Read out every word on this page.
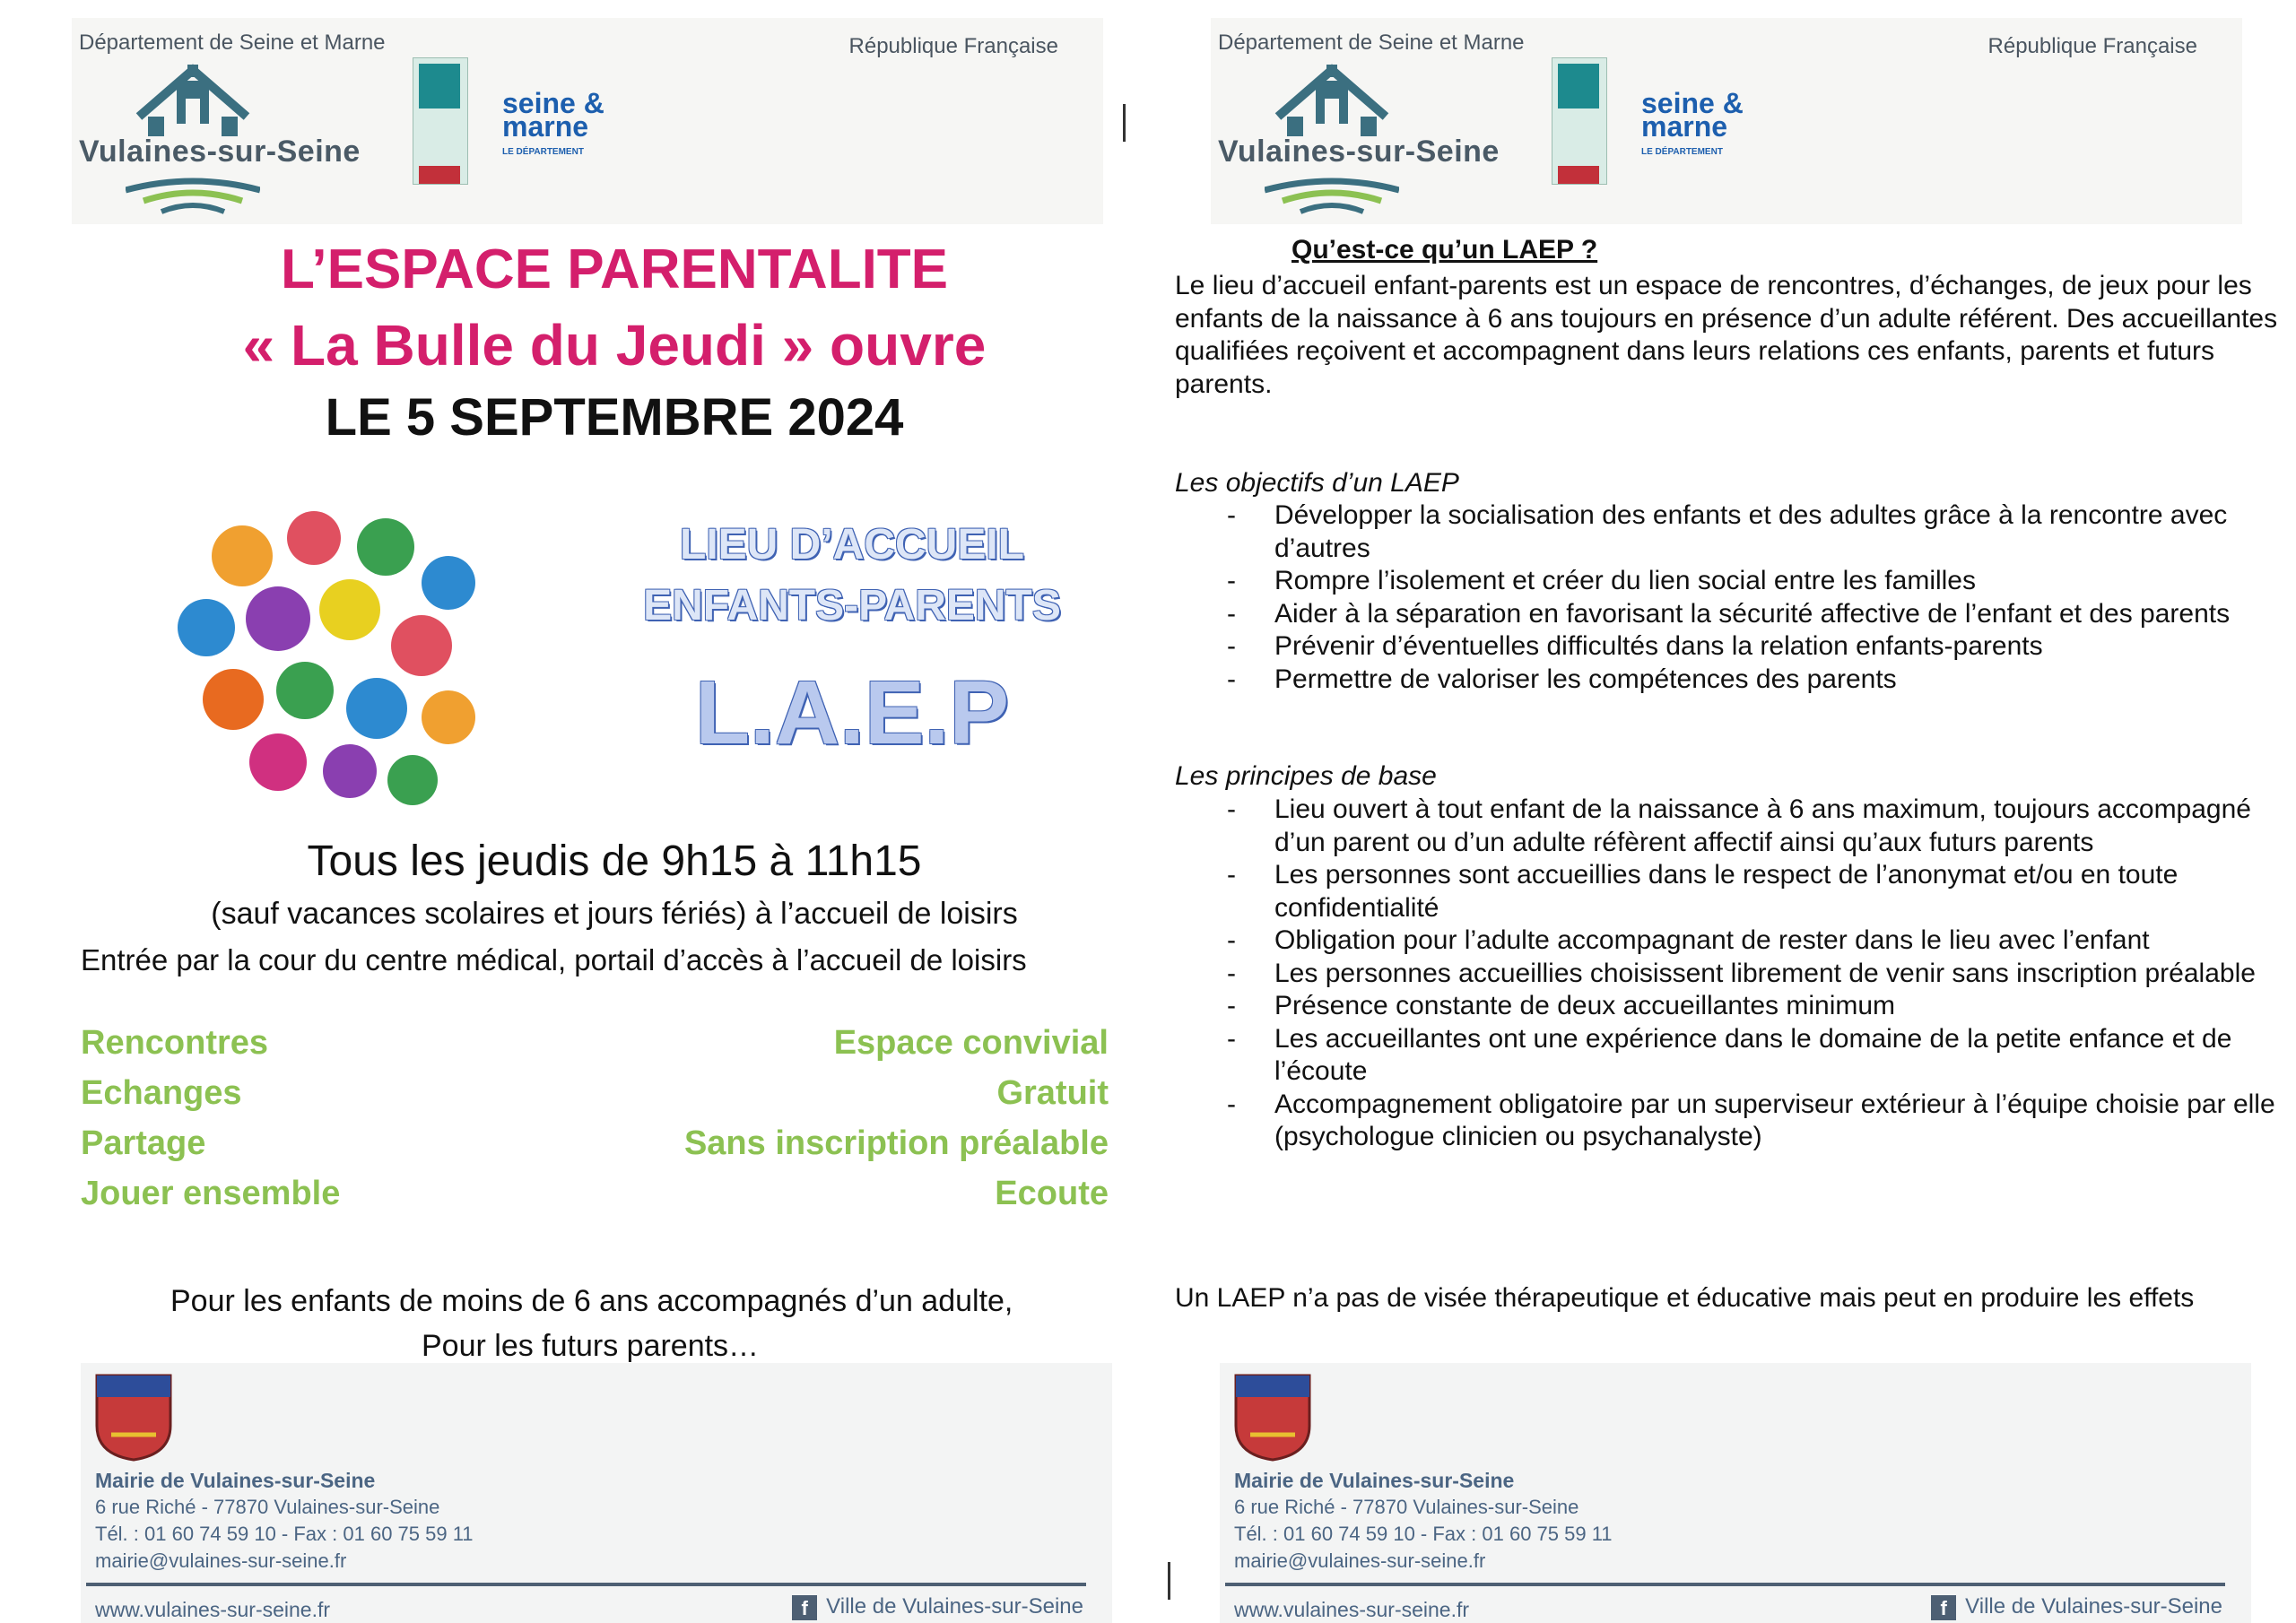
Département de Seine et Marne	République Française
Vulaines-sur-Seine
seine & marne
LE DÉPARTEMENT
L’ESPACE PARENTALITE
« La Bulle du Jeudi » ouvre
LE 5 SEPTEMBRE 2024
LIEU D’ACCUEIL
ENFANTS-PARENTS
L.A.E.P
Tous les jeudis de 9h15 à 11h15
(sauf vacances scolaires et jours fériés) à l’accueil de loisirs
Entrée par la cour du centre médical, portail d’accès à l’accueil de loisirs
Rencontres
Echanges
Partage
Jouer ensemble
Espace convivial
Gratuit
Sans inscription préalable
Ecoute
Pour les enfants de moins de 6 ans accompagnés d’un adulte,
Pour les futurs parents…
Mairie de Vulaines-sur-Seine
6 rue Riché - 77870 Vulaines-sur-Seine
Tél. : 01 60 74 59 10 - Fax : 01 60 75 59 11
mairie@vulaines-sur-seine.fr
www.vulaines-sur-seine.fr	f Ville de Vulaines-sur-Seine
Département de Seine et Marne	République Française
Vulaines-sur-Seine
seine & marne
LE DÉPARTEMENT
Qu’est-ce qu’un LAEP ?
Le lieu d’accueil enfant-parents est un espace de rencontres, d’échanges, de jeux pour les enfants de la naissance à 6 ans toujours en présence d’un adulte référent. Des accueillantes qualifiées reçoivent et accompagnent dans leurs relations ces enfants, parents et futurs parents.
Les objectifs d’un LAEP
- Développer la socialisation des enfants et des adultes grâce à la rencontre avec d’autres
- Rompre l’isolement et créer du lien social entre les familles
- Aider à la séparation en favorisant la sécurité affective de l’enfant et des parents
- Prévenir d’éventuelles difficultés dans la relation enfants-parents
- Permettre de valoriser les compétences des parents
Les principes de base
- Lieu ouvert à tout enfant de la naissance à 6 ans maximum, toujours accompagné d’un parent ou d’un adulte réfèrent affectif ainsi qu’aux futurs parents
- Les personnes sont accueillies dans le respect de l’anonymat et/ou en toute confidentialité
- Obligation pour l’adulte accompagnant de rester dans le lieu avec l’enfant
- Les personnes accueillies choisissent librement de venir sans inscription préalable
- Présence constante de deux accueillantes minimum
- Les accueillantes ont une expérience dans le domaine de la petite enfance et de l’écoute
- Accompagnement obligatoire par un superviseur extérieur à l’équipe choisie par elle (psychologue clinicien ou psychanalyste)
Un LAEP n’a pas de visée thérapeutique et éducative mais peut en produire les effets
Mairie de Vulaines-sur-Seine
6 rue Riché - 77870 Vulaines-sur-Seine
Tél. : 01 60 74 59 10 - Fax : 01 60 75 59 11
mairie@vulaines-sur-seine.fr
www.vulaines-sur-seine.fr	f Ville de Vulaines-sur-Seine
